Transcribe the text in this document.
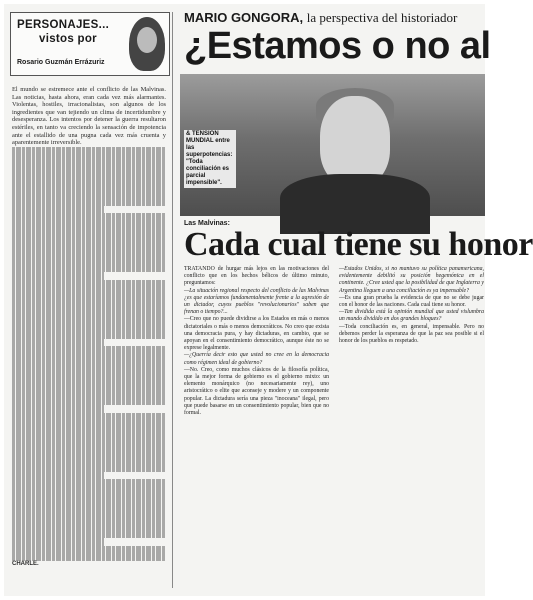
PERSONAJES...
vistos por
Rosario Guzmán Errázuriz
El mundo se estremece ante el conflicto de las Malvinas. Las noticias, hasta ahora, eran cada vez más alarmantes. Violentas, hostiles, irracionalistas, son algunos de los ingredientes que van tejiendo un clima de incertidumbre y desesperanza. Los intentos por detener la guerra resultaron estériles, en tanto va creciendo la sensación de impotencia ante el estallido de una pugna cada vez más cruenta y aparentemente irreversible.
CHARLE.
MARIO GONGORA, la perspectiva del historiador
¿Estamos o no al
& TENSION MUNDIAL entre las superpotencias: "Toda conciliación es parcial impensible".
Las Malvinas:
Cada cual tiene su honor
TRATANDO de hurgar más lejos en las motivaciones del conflicto que en los hechos bélicos de último minuto, preguntamos:
—La situación regional respecto del conflicto de las Malvinas ¿es que estaríamos fundamentalmente frente a la agresión de un dictador, cuyos pueblos "revolucionarios" saben que frenan o tiempo?...
—Creo que no puede dividirse a los Estados en más o menos dictatoriales o más o menos democráticos. No creo que exista una democracia pura, y hay dictaduras, en cambio, que se apoyan en el consentimiento democrático, aunque éste no se exprese legalmente.
—¿Querría decir esto que usted no cree en la democracia como régimen ideal de gobierno?
—No. Creo, como muchos clásicos de la filosofía política, que la mejor forma de gobierno es el gobierno mixto: un elemento monárquico (no necesariamente rey), uno aristocrático o elite que aconseje y modere y un componente popular. La dictadura sería una pieza "inoceana" ilegal, pero que puede basarse en un consentimiento popular, bien que no formal.
—Estados Unidos, si no mantuvo su política panamericana, evidentemente debilitó su posición hegemónica en el continente. ¿Cree usted que la posibilidad de que Inglaterra y Argentina lleguen a una conciliación es ya impensable?
—Es una gran prueba la evidencia de que no se debe jugar con el honor de las naciones. Cada cual tiene su honor.
—Tan dividida está la opinión mundial que usted vislumbra un mundo dividido en dos grandes bloques?
—Toda conciliación es, en general, impensable. Pero no debemos perder la esperanza de que la paz sea posible si el honor de los pueblos es respetado.
